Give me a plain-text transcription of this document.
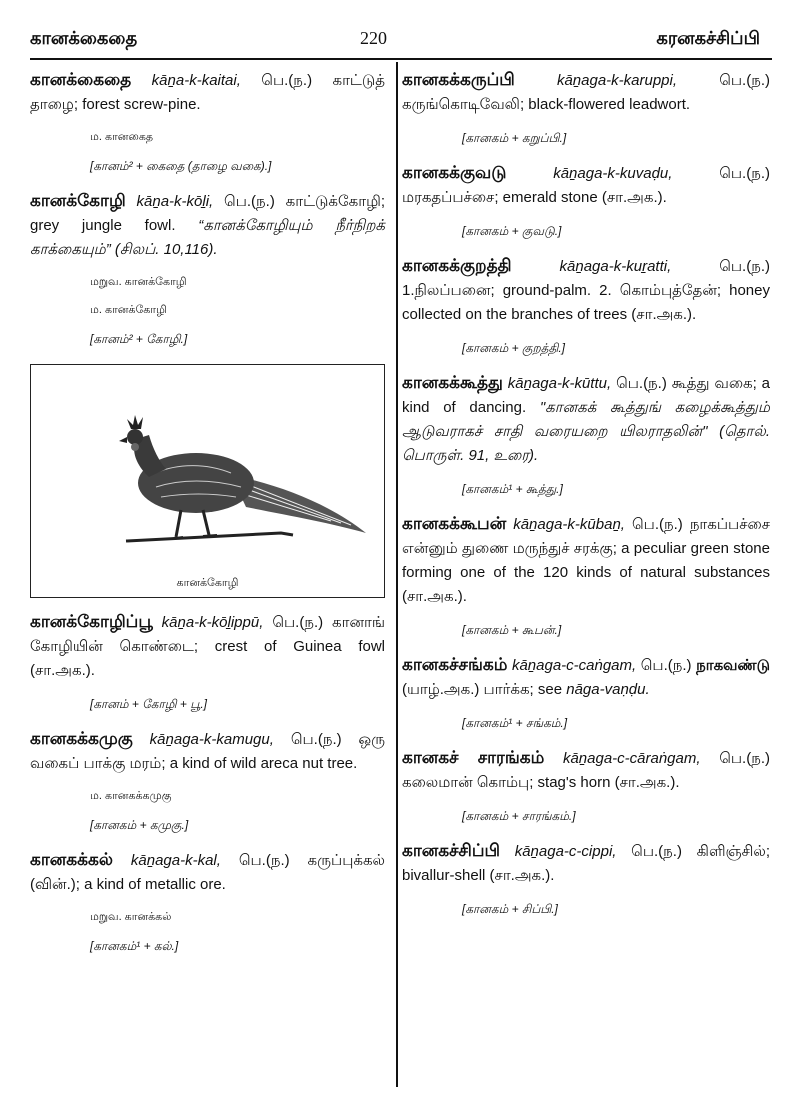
கானக்கைதை	220	கரனகச்சிப்பி
கானக்கைதை kāṉa-k-kaitai, பெ.(ந.) காட்டுத் தாழை; forest screw-pine.
ம. கானகைத
[கானம்² + கைதை (தாழை வகை).]
கானக்கோழி kāṉa-k-kōḻi, பெ.(ந.) காட்டுக்கோழி; grey jungle fowl. “கானக்கோழியும் நீர்நிறக் காக்கையும்” (சிலப். 10,116).
மறுவ. கானக்கோழி
ம. கானக்கோழி
[கானம்² + கோழி.]
கானக்கோழி
கானக்கோழிப்பூ kāṉa-k-kōḻippū, பெ.(ந.) கானாங் கோழியின் கொண்டை; crest of Guinea fowl (சா.அக.).
[கானம் + கோழி + பூ.]
கானகக்கமுகு kāṉaga-k-kamugu, பெ.(ந.) ஒரு வகைப் பாக்கு மரம்; a kind of wild areca nut tree.
ம. கானகக்கமுகு
[கானகம் + கமுகு.]
கானகக்கல் kāṉaga-k-kal, பெ.(ந.) கருப்புக்கல் (வின்.); a kind of metallic ore.
மறுவ. கானக்கல்
[கானகம்¹ + கல்.]
கானகக்கருப்பி	kāṉaga-k-karuppi,	பெ.(ந.) கருங்கொடிவேலி; black-flowered leadwort.
[கானகம் + கறுப்பி.]
கானகக்குவடு	kāṉaga-k-kuvaḍu,	பெ.(ந.) மரகதப்பச்சை; emerald stone (சா.அக.).
[கானகம் + குவடு.]
கானகக்குறத்தி	kāṉaga-k-kuṟatti,	பெ.(ந.) 1.நிலப்பனை; ground-palm. 2. கொம்புத்தேன்; honey collected on the branches of trees (சா.அக.).
[கானகம் + குறத்தி.]
கானகக்கூத்து kāṉaga-k-kūttu, பெ.(ந.) கூத்து வகை; a kind of dancing. "கானகக் கூத்துங் கழைக்கூத்தும் ஆடுவராகச் சாதி வரையறை யிலராதலின்" (தொல். பொருள். 91, உரை).
[கானகம்¹ + கூத்து.]
கானகக்கூபன் kāṉaga-k-kūbaṉ, பெ.(ந.) நாகப்பச்சை என்னும் துணை மருந்துச் சரக்கு; a peculiar green stone forming one of the 120 kinds of natural substances (சா.அக.).
[கானகம் + கூபன்.]
கானகச்சங்கம் kāṉaga-c-caṅgam, பெ.(ந.) நாகவண்டு (யாழ்.அக.) பார்க்க; see nāga-vaṇḍu.
[கானகம்¹ + சங்கம்.]
கானகச் சாரங்கம் kāṉaga-c-cāraṅgam, பெ.(ந.) கலைமான் கொம்பு; stag's horn (சா.அக.).
[கானகம் + சாரங்கம்.]
கானகச்சிப்பி kāṉaga-c-cippi, பெ.(ந.) கிளிஞ்சில்; bivallur-shell (சா.அக.).
[கானகம் + சிப்பி.]
